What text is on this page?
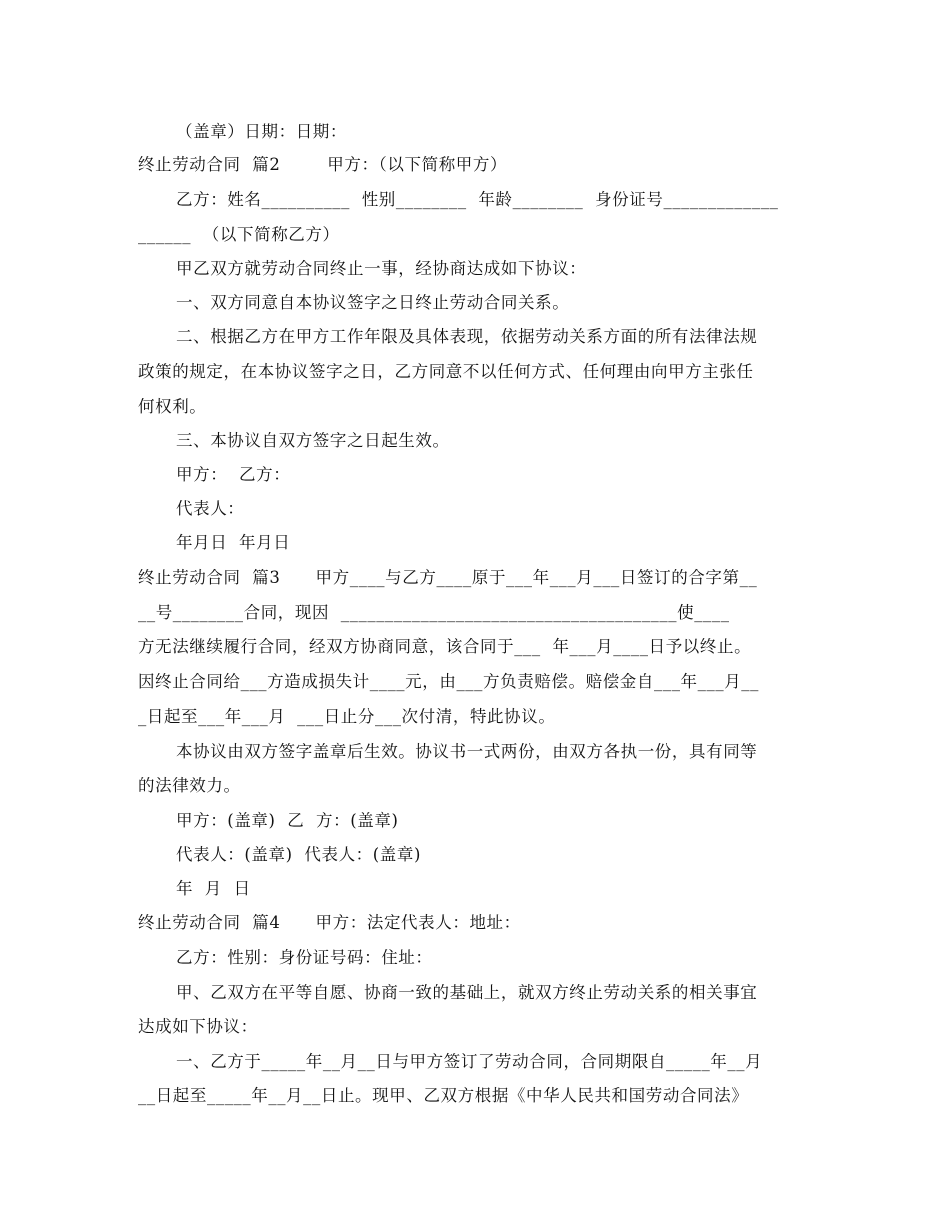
（盖章）日期：日期：
终止劳动合同  篇2        甲方：（以下简称甲方）
乙方：姓名__________  性别________  年龄________  身份证号_____________
______  （以下简称乙方）
甲乙双方就劳动合同终止一事，经协商达成如下协议：
一、双方同意自本协议签字之日终止劳动合同关系。
二、根据乙方在甲方工作年限及具体表现，依据劳动关系方面的所有法律法规
政策的规定，在本协议签字之日，乙方同意不以任何方式、任何理由向甲方主张任
何权利。
三、本协议自双方签字之日起生效。
甲方：  乙方：
代表人：
年月日  年月日
终止劳动合同  篇3      甲方____与乙方____原于___年___月___日签订的合字第__
__号________合同，现因  ______________________________________使____
方无法继续履行合同，经双方协商同意，该合同于___  年___月____日予以终止。
因终止合同给___方造成损失计____元，由___方负责赔偿。赔偿金自___年___月__
_日起至___年___月  ___日止分___次付清，特此协议。
本协议由双方签字盖章后生效。协议书一式两份，由双方各执一份，具有同等
的法律效力。
甲方：(盖章)  乙  方：(盖章)
代表人：(盖章)  代表人：(盖章)
年  月  日
终止劳动合同  篇4      甲方：法定代表人：地址：
乙方：性别：身份证号码：住址：
甲、乙双方在平等自愿、协商一致的基础上，就双方终止劳动关系的相关事宜
达成如下协议：
一、乙方于_____年__月__日与甲方签订了劳动合同，合同期限自_____年__月
__日起至_____年__月__日止。现甲、乙双方根据《中华人民共和国劳动合同法》
